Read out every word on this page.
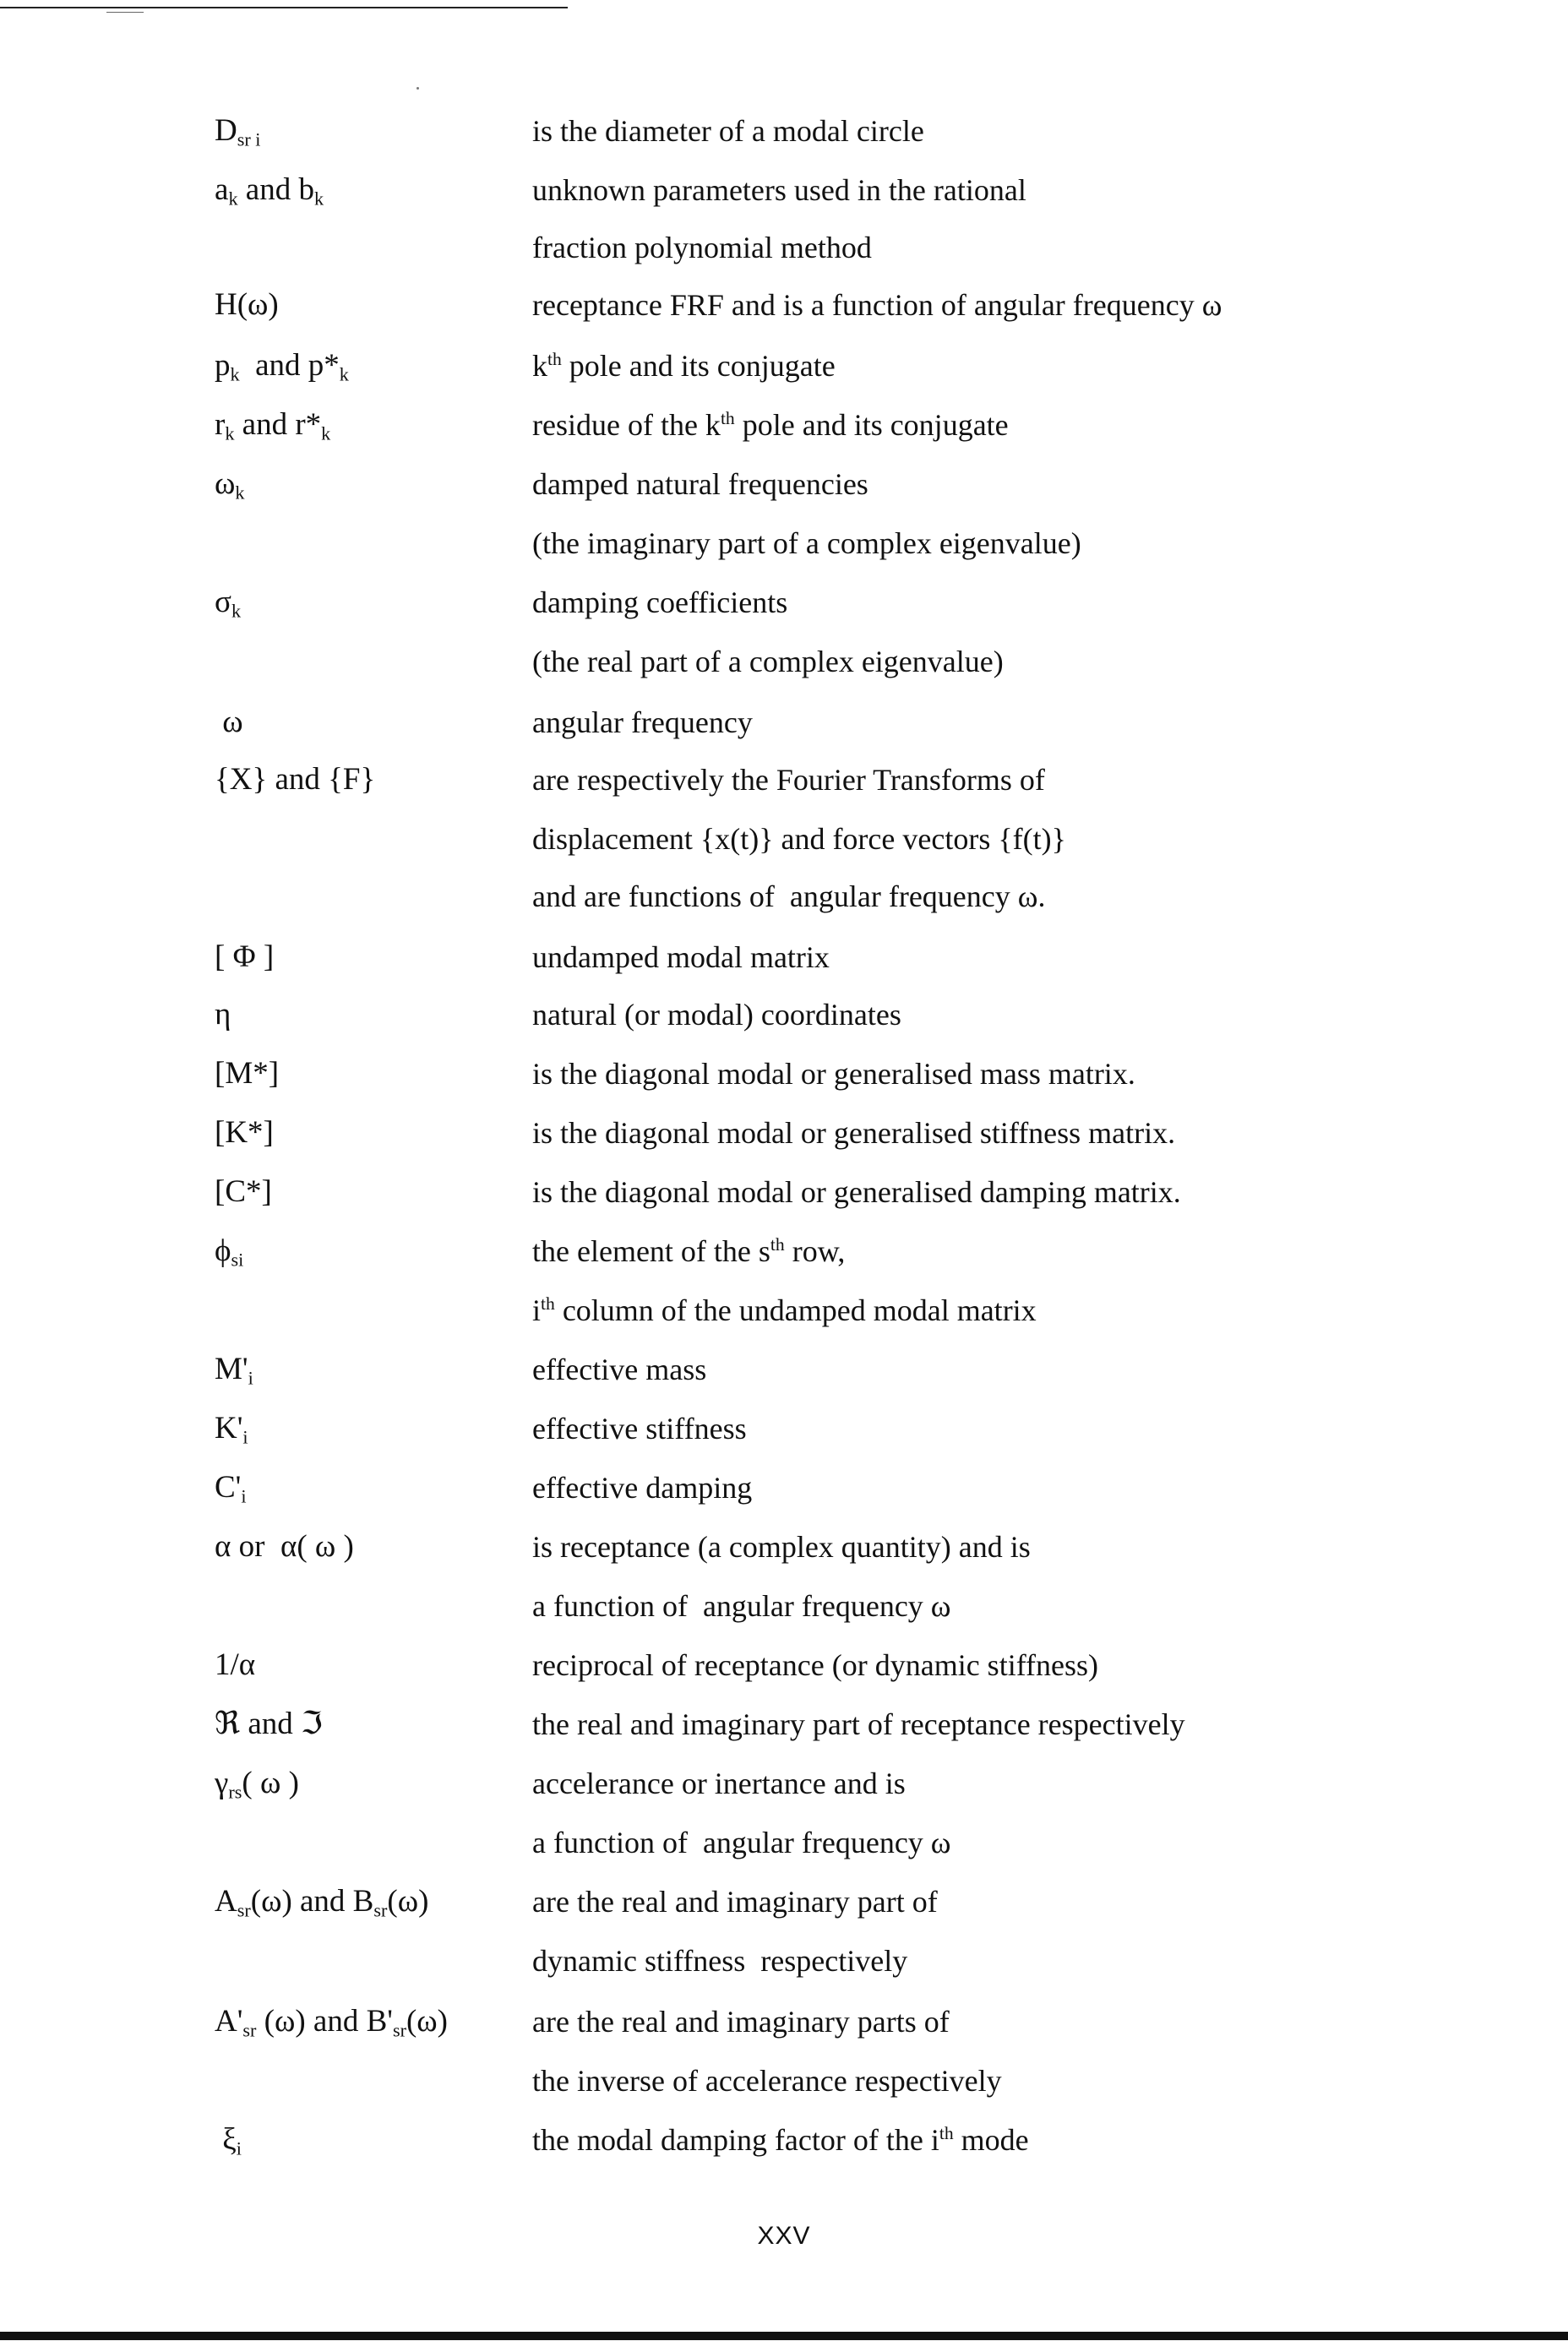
$D_{sr i}$	is the diameter of a modal circle
$a_k$ and $b_k$	unknown parameters used in the rational
fraction polynomial method
H(ω)	receptance FRF and is a function of angular frequency ω
$p_k$  and $p*_k$	$k^{th}$ pole and its conjugate
$r_k$ and $r*_k$	residue of the $k^{th}$ pole and its conjugate
$\omega_k$	damped natural frequencies
(the imaginary part of a complex eigenvalue)
$\sigma_k$	damping coefficients
(the real part of a complex eigenvalue)
ω	angular frequency
{X} and {F}	are respectively the Fourier Transforms of
displacement {x(t)} and force vectors {f(t)}
and are functions of  angular frequency ω.
[ Φ ]	undamped modal matrix
η	natural (or modal) coordinates
[M*]	is the diagonal modal or generalised mass matrix.
[K*]	is the diagonal modal or generalised stiffness matrix.
[C*]	is the diagonal modal or generalised damping matrix.
$\phi_{si}$	the element of the $s^{th}$ row,
$i^{th}$ column of the undamped modal matrix
$M'_i$	effective mass
$K'_i$	effective stiffness
$C'_i$	effective damping
α or  α( ω )	is receptance (a complex quantity) and is
a function of  angular frequency ω
1/α	reciprocal of receptance (or dynamic stiffness)
ℜ and ℑ	the real and imaginary part of receptance respectively
$\gamma_{rs}$( ω )	accelerance or inertance and is
a function of  angular frequency ω
$A_{sr}(\omega)$ and $B_{sr}(\omega)$	are the real and imaginary part of
dynamic stiffness  respectively
$A'_{sr}$ (ω) and $B'_{sr}(\omega)$	are the real and imaginary parts of
the inverse of accelerance respectively
$\xi_i$	the modal damping factor of the $i^{th}$ mode
XXV
